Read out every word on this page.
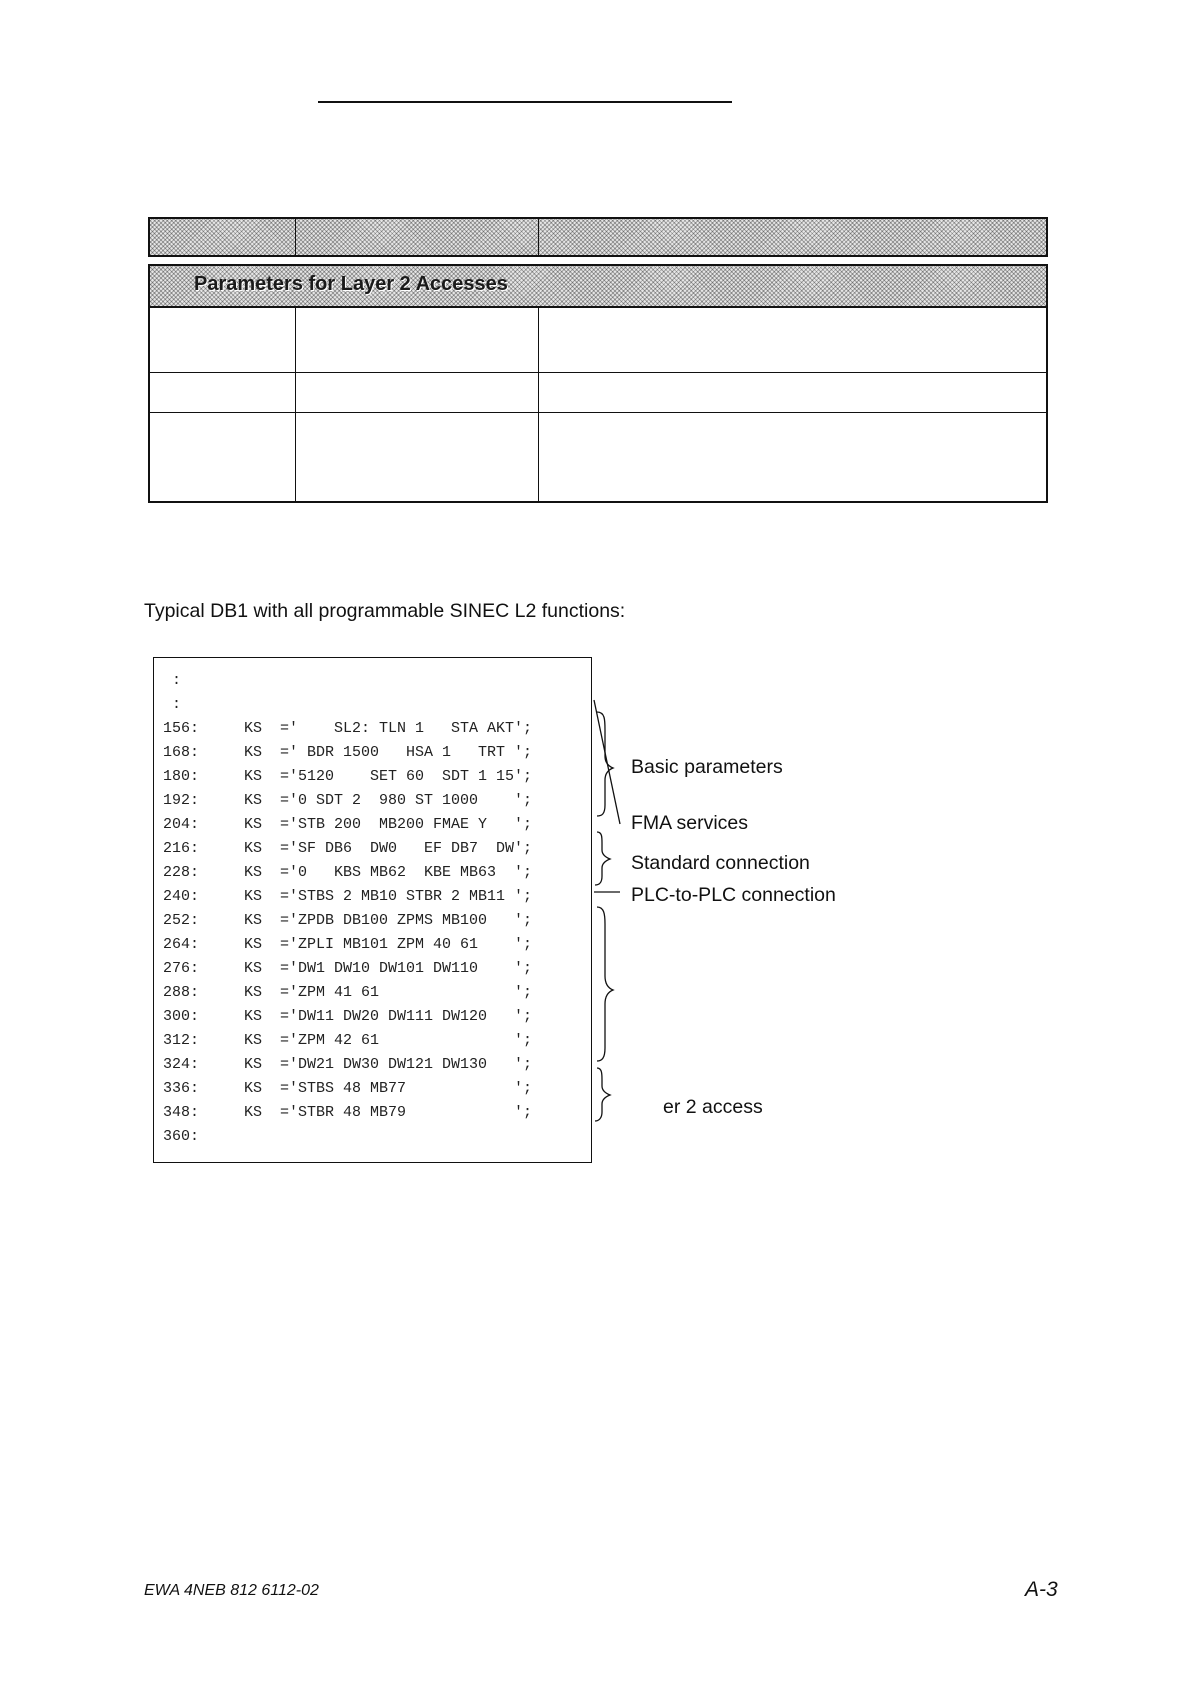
Parameters for Layer 2 Accesses
Typical DB1 with all programmable SINEC L2 functions:
:
:
156:     KS  ='    SL2: TLN 1   STA AKT';
168:     KS  =' BDR 1500   HSA 1   TRT ';
180:     KS  ='5120    SET 60  SDT 1 15';
192:     KS  ='0 SDT 2  980 ST 1000    ';
204:     KS  ='STB 200  MB200 FMAE Y   ';
216:     KS  ='SF DB6  DW0   EF DB7  DW';
228:     KS  ='0   KBS MB62  KBE MB63  ';
240:     KS  ='STBS 2 MB10 STBR 2 MB11 ';
252:     KS  ='ZPDB DB100 ZPMS MB100   ';
264:     KS  ='ZPLI MB101 ZPM 40 61    ';
276:     KS  ='DW1 DW10 DW101 DW110    ';
288:     KS  ='ZPM 41 61               ';
300:     KS  ='DW11 DW20 DW111 DW120   ';
312:     KS  ='ZPM 42 61               ';
324:     KS  ='DW21 DW30 DW121 DW130   ';
336:     KS  ='STBS 48 MB77            ';
348:     KS  ='STBR 48 MB79            ';
360:
Basic parameters
FMA services
Standard connection
PLC-to-PLC connection
er 2 access
EWA 4NEB 812 6112-02	A-3
